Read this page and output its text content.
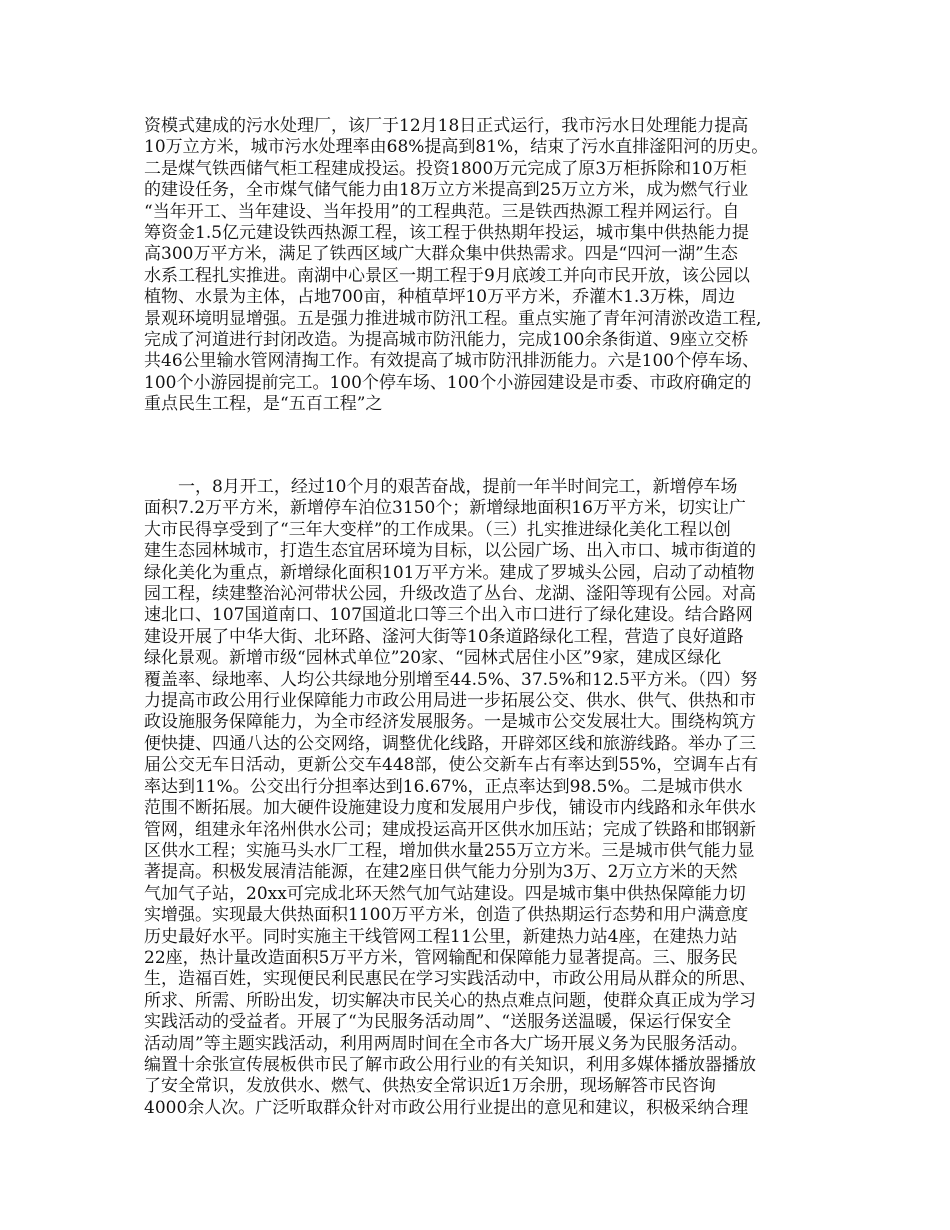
资模式建成的污水处理厂，该厂于12月18日正式运行，我市污水日处理能力提高
10万立方米，城市污水处理率由68%提高到81%，结束了污水直排滏阳河的历史。
二是煤气铁西储气柜工程建成投运。投资1800万元完成了原3万柜拆除和10万柜
的建设任务，全市煤气储气能力由18万立方米提高到25万立方米，成为燃气行业
“当年开工、当年建设、当年投用”的工程典范。三是铁西热源工程并网运行。自
筹资金1.5亿元建设铁西热源工程，该工程于供热期年投运，城市集中供热能力提
高300万平方米，满足了铁西区域广大群众集中供热需求。四是“四河一湖”生态
水系工程扎实推进。南湖中心景区一期工程于9月底竣工并向市民开放，该公园以
植物、水景为主体，占地700亩，种植草坪10万平方米，乔灌木1.3万株，周边
景观环境明显增强。五是强力推进城市防汛工程。重点实施了青年河清淤改造工程,
完成了河道进行封闭改造。为提高城市防汛能力，完成100余条街道、9座立交桥
共46公里输水管网清掏工作。有效提高了城市防汛排沥能力。六是100个停车场、
100个小游园提前完工。100个停车场、100个小游园建设是市委、市政府确定的
重点民生工程，是“五百工程”之
　　一，8月开工，经过10个月的艰苦奋战，提前一年半时间完工，新增停车场
面积7.2万平方米，新增停车泊位3150个；新增绿地面积16万平方米，切实让广
大市民得享受到了“三年大变样”的工作成果。（三）扎实推进绿化美化工程以创
建生态园林城市，打造生态宜居环境为目标，以公园广场、出入市口、城市街道的
绿化美化为重点，新增绿化面积101万平方米。建成了罗城头公园，启动了动植物
园工程，续建整治沁河带状公园，升级改造了丛台、龙湖、滏阳等现有公园。对高
速北口、107国道南口、107国道北口等三个出入市口进行了绿化建设。结合路网
建设开展了中华大街、北环路、滏河大街等10条道路绿化工程，营造了良好道路
绿化景观。新增市级“园林式单位”20家、“园林式居住小区”9家，建成区绿化
覆盖率、绿地率、人均公共绿地分别增至44.5%、37.5%和12.5平方米。（四）努
力提高市政公用行业保障能力市政公用局进一步拓展公交、供水、供气、供热和市
政设施服务保障能力，为全市经济发展服务。一是城市公交发展壮大。围绕构筑方
便快捷、四通八达的公交网络，调整优化线路，开辟郊区线和旅游线路。举办了三
届公交无车日活动，更新公交车448部，使公交新车占有率达到55%，空调车占有
率达到11%。公交出行分担率达到16.67%，正点率达到98.5%。二是城市供水
范围不断拓展。加大硬件设施建设力度和发展用户步伐，铺设市内线路和永年供水
管网，组建永年洺州供水公司；建成投运高开区供水加压站；完成了铁路和邯钢新
区供水工程；实施马头水厂工程，增加供水量255万立方米。三是城市供气能力显
著提高。积极发展清洁能源，在建2座日供气能力分别为3万、2万立方米的天然
气加气子站，20xx可完成北环天然气加气站建设。四是城市集中供热保障能力切
实增强。实现最大供热面积1100万平方米，创造了供热期运行态势和用户满意度
历史最好水平。同时实施主干线管网工程11公里，新建热力站4座，在建热力站
22座，热计量改造面积5万平方米，管网输配和保障能力显著提高。三、服务民
生，造福百姓，实现便民利民惠民在学习实践活动中，市政公用局从群众的所思、
所求、所需、所盼出发，切实解决市民关心的热点难点问题，使群众真正成为学习
实践活动的受益者。开展了“为民服务活动周”、“送服务送温暖，保运行保安全
活动周”等主题实践活动，利用两周时间在全市各大广场开展义务为民服务活动。
编置十余张宣传展板供市民了解市政公用行业的有关知识，利用多媒体播放器播放
了安全常识，发放供水、燃气、供热安全常识近1万余册，现场解答市民咨询
4000余人次。广泛听取群众针对市政公用行业提出的意见和建议，积极采纳合理
